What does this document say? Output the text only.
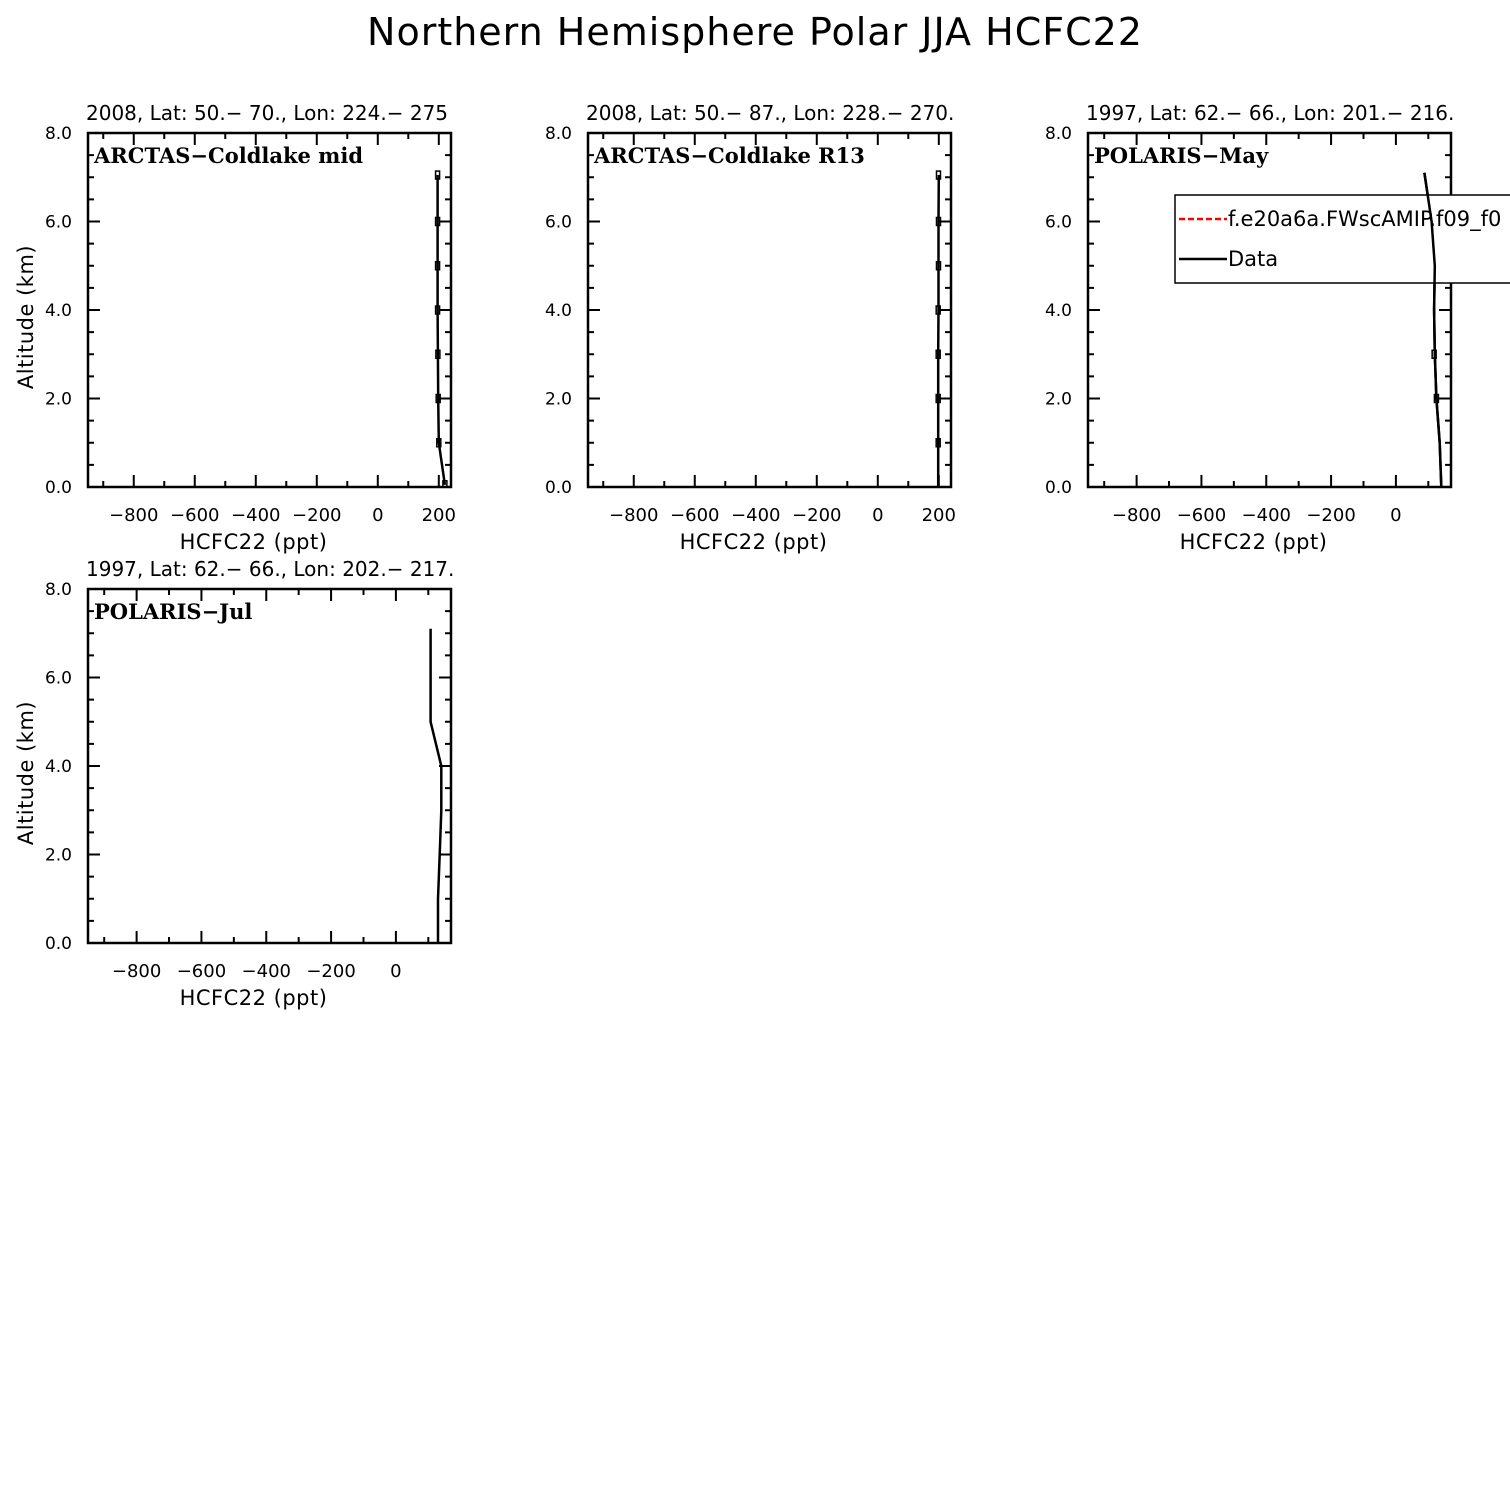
Northern Hemisphere Polar JJA HCFC22
−800 −600 −400 −200 0 200
0.0
2.0
4.0
6.0
8.0
HCFC22 (ppt)
Altitude (km)
2008, Lat: 50.− 70., Lon: 224.− 275
ARCTAS−Coldlake mid
−800 −600 −400 −200 0 200
0.0
2.0
4.0
6.0
8.0
HCFC22 (ppt)
2008, Lat: 50.− 87., Lon: 228.− 270.
ARCTAS−Coldlake R13
−800 −600 −400 −200 0
0.0
2.0
4.0
6.0
8.0
HCFC22 (ppt)
1997, Lat: 62.− 66., Lon: 201.− 216.
POLARIS−May
−800 −600 −400 −200 0
0.0
2.0
4.0
6.0
8.0
HCFC22 (ppt)
Altitude (km)
1997, Lat: 62.− 66., Lon: 202.− 217.
POLARIS−Jul
f.e20a6a.FWscAMIP.f09_f0
Data
